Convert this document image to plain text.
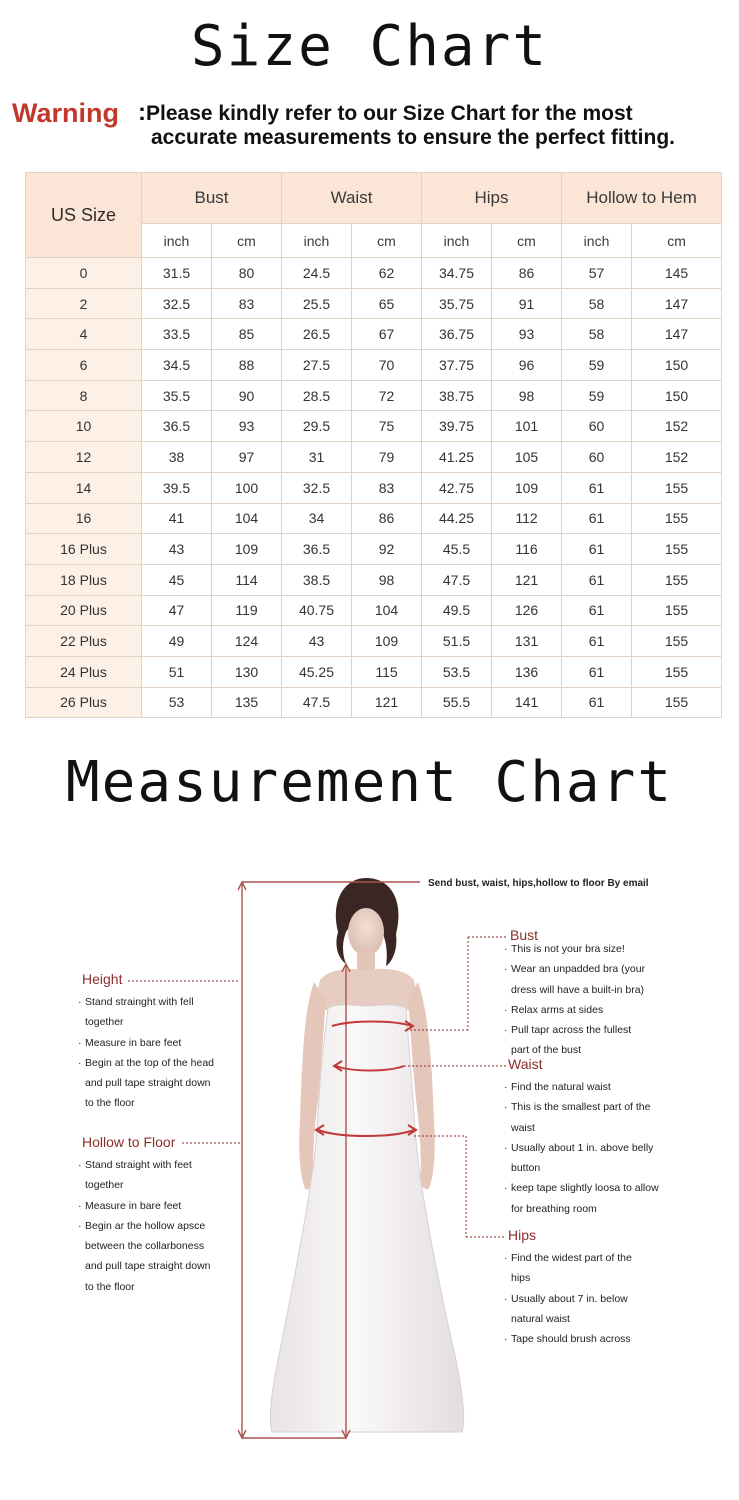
Size Chart
Warning :Please kindly refer to our Size Chart for the most
accurate measurements to ensure the perfect fitting.
US Size	Bust		Waist		Hips		Hollow to Hem	
	inch	cm	inch	cm	inch	cm	inch	cm
0	31.5	80	24.5	62	34.75	86	57	145
2	32.5	83	25.5	65	35.75	91	58	147
4	33.5	85	26.5	67	36.75	93	58	147
6	34.5	88	27.5	70	37.75	96	59	150
8	35.5	90	28.5	72	38.75	98	59	150
10	36.5	93	29.5	75	39.75	101	60	152
12	38	97	31	79	41.25	105	60	152
14	39.5	100	32.5	83	42.75	109	61	155
16	41	104	34	86	44.25	112	61	155
16 Plus	43	109	36.5	92	45.5	116	61	155
18 Plus	45	114	38.5	98	47.5	121	61	155
20 Plus	47	119	40.75	104	49.5	126	61	155
22 Plus	49	124	43	109	51.5	131	61	155
24 Plus	51	130	45.25	115	53.5	136	61	155
26 Plus	53	135	47.5	121	55.5	141	61	155
Measurement Chart
Send bust, waist, hips,hollow to floor By email
Height
· Stand strainght with fell
together
· Measure in bare feet
· Begin at the top of the head
and pull tape straight down
to the floor
Hollow to Floor
· Stand straight with feet
together
· Measure in bare feet
· Begin ar the hollow apsce
between the collarboness
and pull tape straight down
to the floor
Bust
· This is not your bra size!
· Wear an unpadded bra (your
dress will have a built-in bra)
· Relax arms at sides
· Pull tapr across the fullest
part of the bust
Waist
· Find the natural waist
· This is the smallest part of the
waist
· Usually about 1 in. above belly
button
· keep tape slightly loosa to allow
for breathing room
Hips
· Find the widest part of the
hips
· Usually about 7 in. below
natural waist
· Tape should brush across
